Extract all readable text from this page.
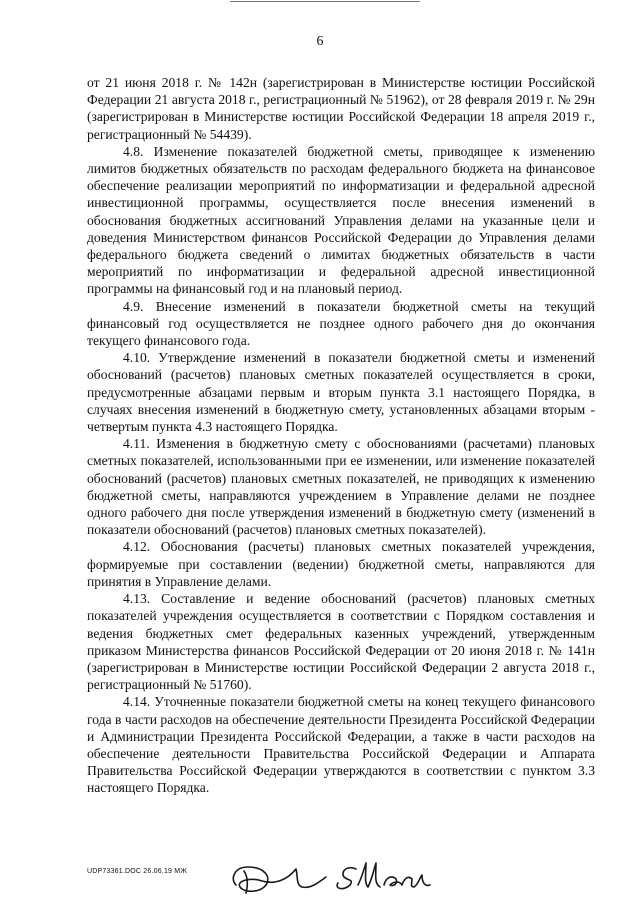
6

от 21 июня 2018 г. № 142н (зарегистрирован в Министерстве юстиции Российской Федерации 21 августа 2018 г., регистрационный № 51962), от 28 февраля 2019 г. № 29н (зарегистрирован в Министерстве юстиции Российской Федерации 18 апреля 2019 г., регистрационный № 54439).

4.8. Изменение показателей бюджетной сметы, приводящее к изменению лимитов бюджетных обязательств по расходам федерального бюджета на финансовое обеспечение реализации мероприятий по информатизации и федеральной адресной инвестиционной программы, осуществляется после внесения изменений в обоснования бюджетных ассигнований Управления делами на указанные цели и доведения Министерством финансов Российской Федерации до Управления делами федерального бюджета сведений о лимитах бюджетных обязательств в части мероприятий по информатизации и федеральной адресной инвестиционной программы на финансовый год и на плановый период.

4.9. Внесение изменений в показатели бюджетной сметы на текущий финансовый год осуществляется не позднее одного рабочего дня до окончания текущего финансового года.

4.10. Утверждение изменений в показатели бюджетной сметы и изменений обоснований (расчетов) плановых сметных показателей осуществляется в сроки, предусмотренные абзацами первым и вторым пункта 3.1 настоящего Порядка, в случаях внесения изменений в бюджетную смету, установленных абзацами вторым - четвертым пункта 4.3 настоящего Порядка.

4.11. Изменения в бюджетную смету с обоснованиями (расчетами) плановых сметных показателей, использованными при ее изменении, или изменение показателей обоснований (расчетов) плановых сметных показателей, не приводящих к изменению бюджетной сметы, направляются учреждением в Управление делами не позднее одного рабочего дня после утверждения изменений в бюджетную смету (изменений в показатели обоснований (расчетов) плановых сметных показателей).

4.12. Обоснования (расчеты) плановых сметных показателей учреждения, формируемые при составлении (ведении) бюджетной сметы, направляются для принятия в Управление делами.

4.13. Составление и ведение обоснований (расчетов) плановых сметных показателей учреждения осуществляется в соответствии с Порядком составления и ведения бюджетных смет федеральных казенных учреждений, утвержденным приказом Министерства финансов Российской Федерации от 20 июня 2018 г. № 141н (зарегистрирован в Министерстве юстиции Российской Федерации 2 августа 2018 г., регистрационный № 51760).

4.14. Уточненные показатели бюджетной сметы на конец текущего финансового года в части расходов на обеспечение деятельности Президента Российской Федерации и Администрации Президента Российской Федерации, а также в части расходов на обеспечение деятельности Правительства Российской Федерации и Аппарата Правительства Российской Федерации утверждаются в соответствии с пунктом 3.3 настоящего Порядка.

UDP73361.DOC 26.06.19 МЖ
